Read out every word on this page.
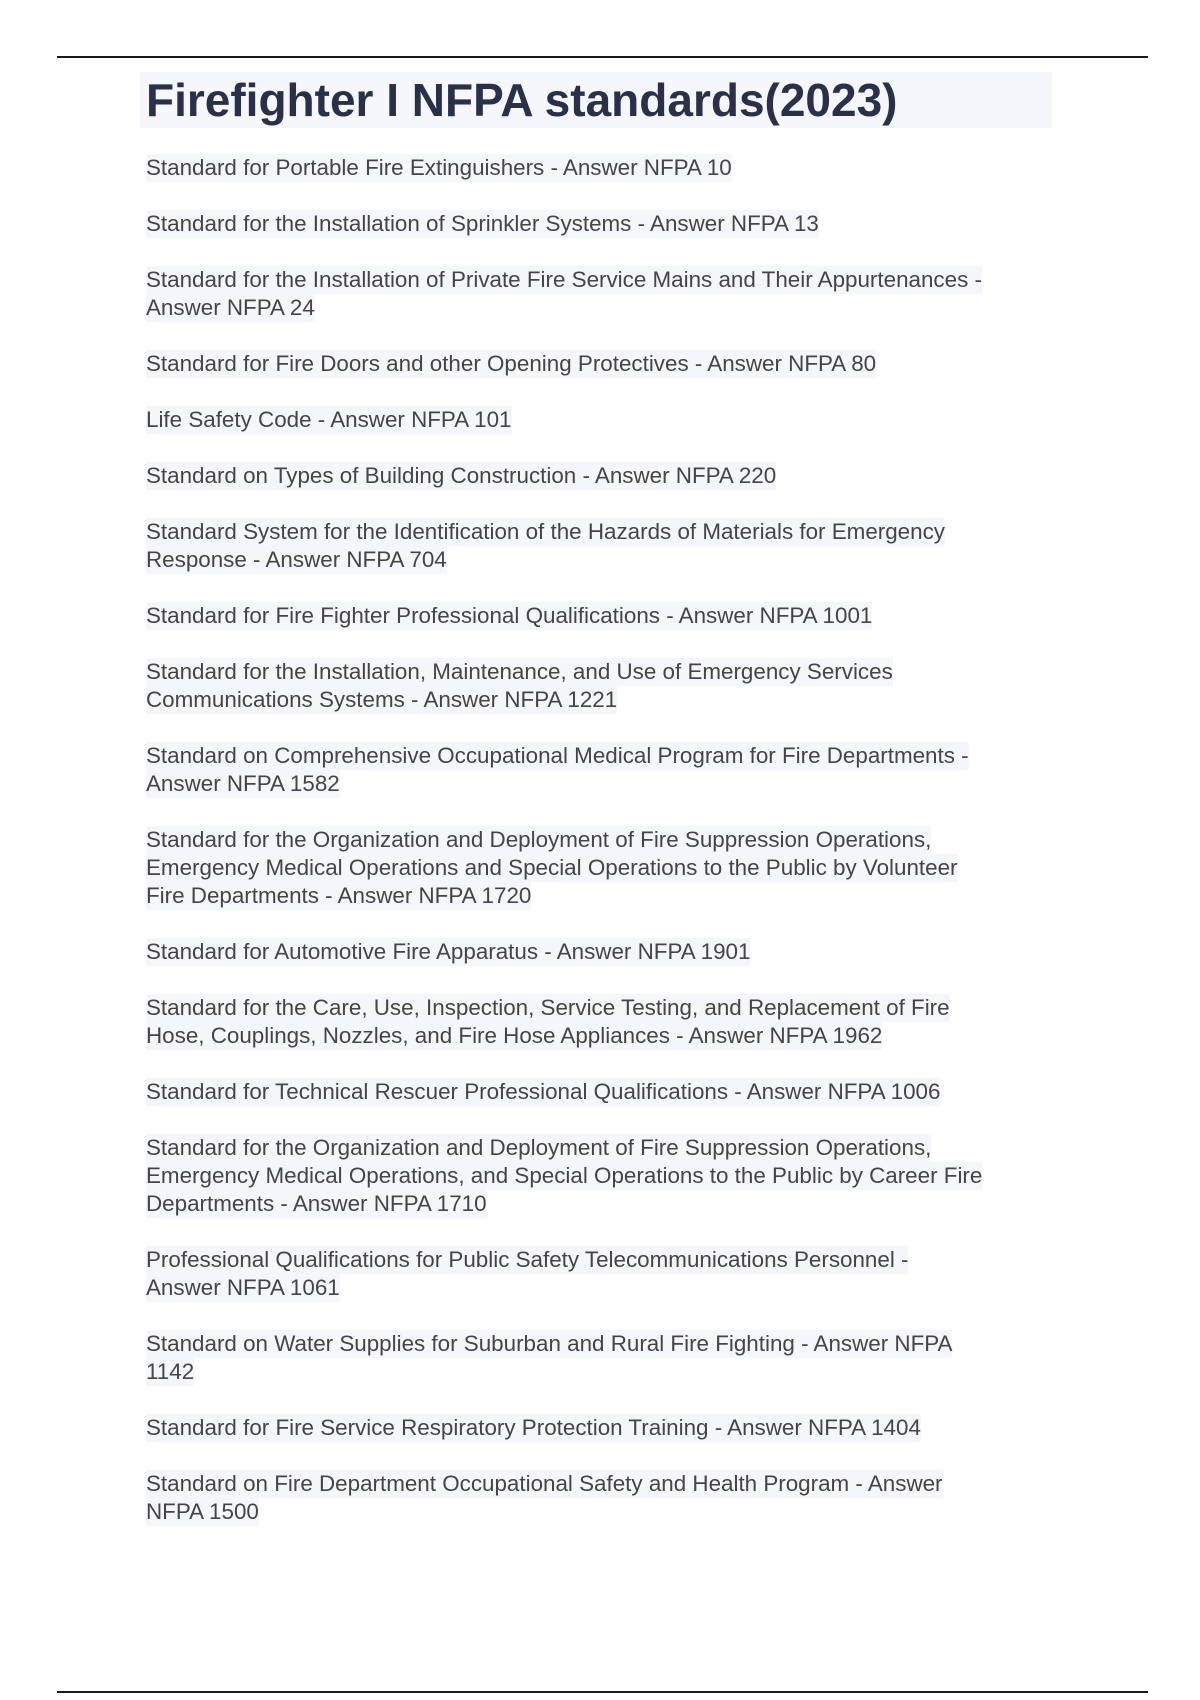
Firefighter I NFPA standards(2023)
Standard for Portable Fire Extinguishers - Answer NFPA 10
Standard for the Installation of Sprinkler Systems - Answer NFPA 13
Standard for the Installation of Private Fire Service Mains and Their Appurtenances -
Answer NFPA 24
Standard for Fire Doors and other Opening Protectives - Answer NFPA 80
Life Safety Code - Answer NFPA 101
Standard on Types of Building Construction - Answer NFPA 220
Standard System for the Identification of the Hazards of Materials for Emergency
Response - Answer NFPA 704
Standard for Fire Fighter Professional Qualifications - Answer NFPA 1001
Standard for the Installation, Maintenance, and Use of Emergency Services
Communications Systems - Answer NFPA 1221
Standard on Comprehensive Occupational Medical Program for Fire Departments -
Answer NFPA 1582
Standard for the Organization and Deployment of Fire Suppression Operations,
Emergency Medical Operations and Special Operations to the Public by Volunteer
Fire Departments - Answer NFPA 1720
Standard for Automotive Fire Apparatus - Answer NFPA 1901
Standard for the Care, Use, Inspection, Service Testing, and Replacement of Fire
Hose, Couplings, Nozzles, and Fire Hose Appliances - Answer NFPA 1962
Standard for Technical Rescuer Professional Qualifications - Answer NFPA 1006
Standard for the Organization and Deployment of Fire Suppression Operations,
Emergency Medical Operations, and Special Operations to the Public by Career Fire
Departments - Answer NFPA 1710
Professional Qualifications for Public Safety Telecommunications Personnel -
Answer NFPA 1061
Standard on Water Supplies for Suburban and Rural Fire Fighting - Answer NFPA
1142
Standard for Fire Service Respiratory Protection Training - Answer NFPA 1404
Standard on Fire Department Occupational Safety and Health Program - Answer
NFPA 1500
